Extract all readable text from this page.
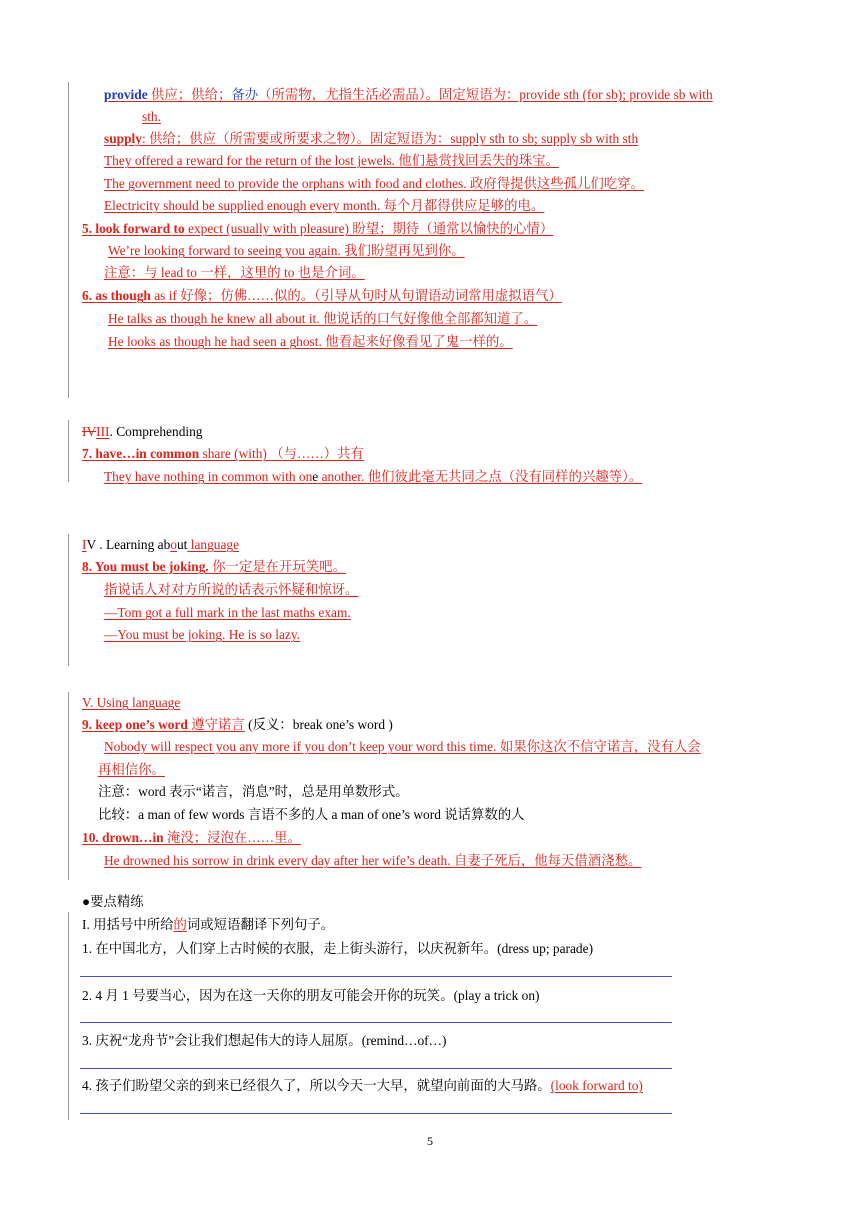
provide 供应；供给；备办（所需物，尤指生活必需品）。固定短语为：provide sth (for sb); provide sb with
sth.
supply: 供给；供应（所需要或所要求之物）。固定短语为：supply sth to sb; supply sb with sth
They offered a reward for the return of the lost jewels. 他们悬赏找回丢失的珠宝。
The government need to provide the orphans with food and clothes. 政府得提供这些孤儿们吃穿。
Electricity should be supplied enough every month. 每个月都得供应足够的电。
5. look forward to expect (usually with pleasure) 盼望；期待（通常以愉快的心情）
We’re looking forward to seeing you again. 我们盼望再见到你。
注意：与 lead to 一样，这里的 to 也是介词。
6. as though as if 好像；仿佛……似的。（引导从句时从句谓语动词常用虚拟语气）
He talks as though he knew all about it. 他说话的口气好像他全部都知道了。
He looks as though he had seen a ghost. 他看起来好像看见了鬼一样的。
IVIII. Comprehending
7. have…in common share (with) （与……）共有
They have nothing in common with one another. 他们彼此毫无共同之点（没有同样的兴趣等）。
IV . Learning about language
8. You must be joking. 你一定是在开玩笑吧。
指说话人对对方所说的话表示怀疑和惊讶。
—Tom got a full mark in the last maths exam.
—You must be joking. He is so lazy.
V. Using language
9. keep one’s word 遵守诺言 (反义：break one’s word )
Nobody will respect you any more if you don’t keep your word this time. 如果你这次不信守诺言，没有人会
再相信你。
注意：word 表示“诺言，消息”时，总是用单数形式。
比较：a man of few words 言语不多的人 a man of one’s word 说话算数的人
10. drown…in 淹没；浸泡在……里。
He drowned his sorrow in drink every day after her wife’s death. 自妻子死后，他每天借酒浇愁。
●要点精练
I. 用括号中所给的词或短语翻译下列句子。
1. 在中国北方，人们穿上古时候的衣服，走上街头游行，以庆祝新年。(dress up; parade)
2. 4 月 1 号要当心，因为在这一天你的朋友可能会开你的玩笑。(play a trick on)
3. 庆祝“龙舟节”会让我们想起伟大的诗人屈原。(remind…of…)
4. 孩子们盼望父亲的到来已经很久了，所以今天一大早，就望向前面的大马路。(look forward to)
5
